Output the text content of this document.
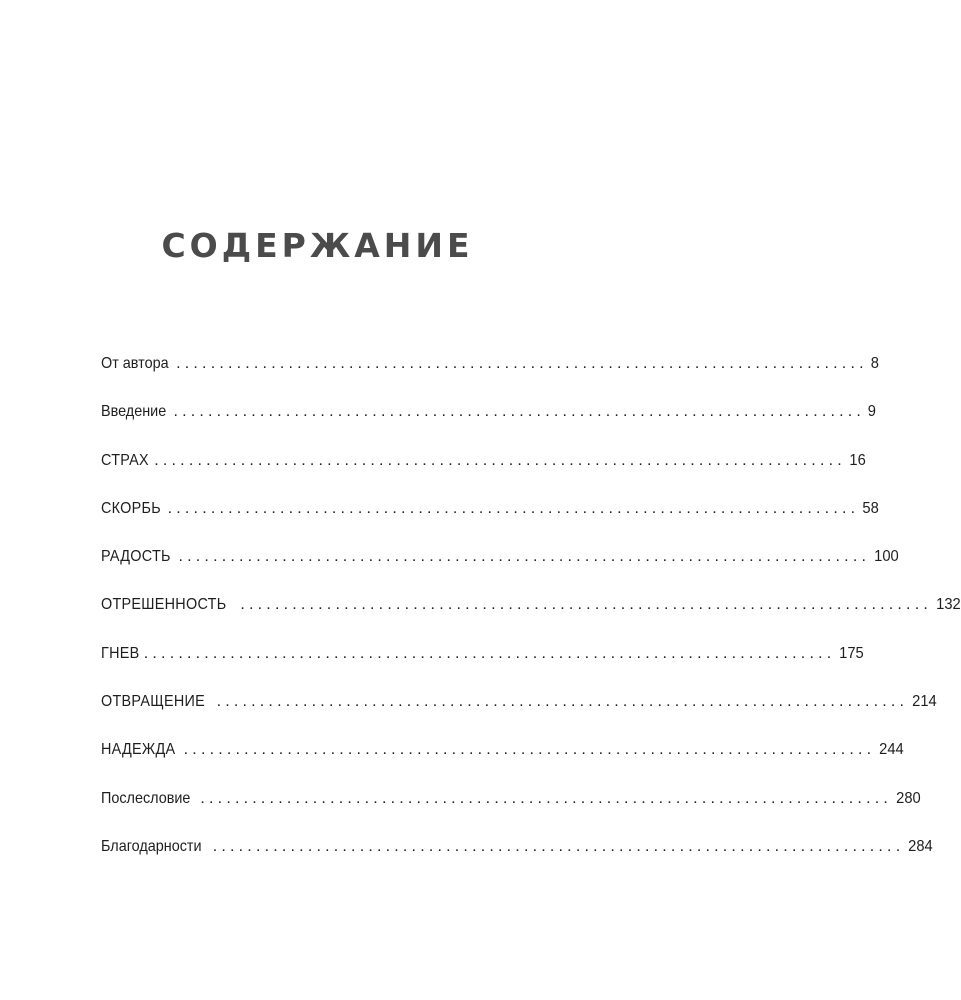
СОДЕРЖАНИЕ
От автора ................................................................................ 8
Введение ................................................................................ 9
СТРАХ ................................................................................ 16
СКОРБЬ ................................................................................ 58
РАДОСТЬ ................................................................................ 100
ОТРЕШЕННОСТЬ ................................................................................ 132
ГНЕВ ................................................................................ 175
ОТВРАЩЕНИЕ ................................................................................ 214
НАДЕЖДА ................................................................................ 244
Послесловие ................................................................................ 280
Благодарности ................................................................................ 284
